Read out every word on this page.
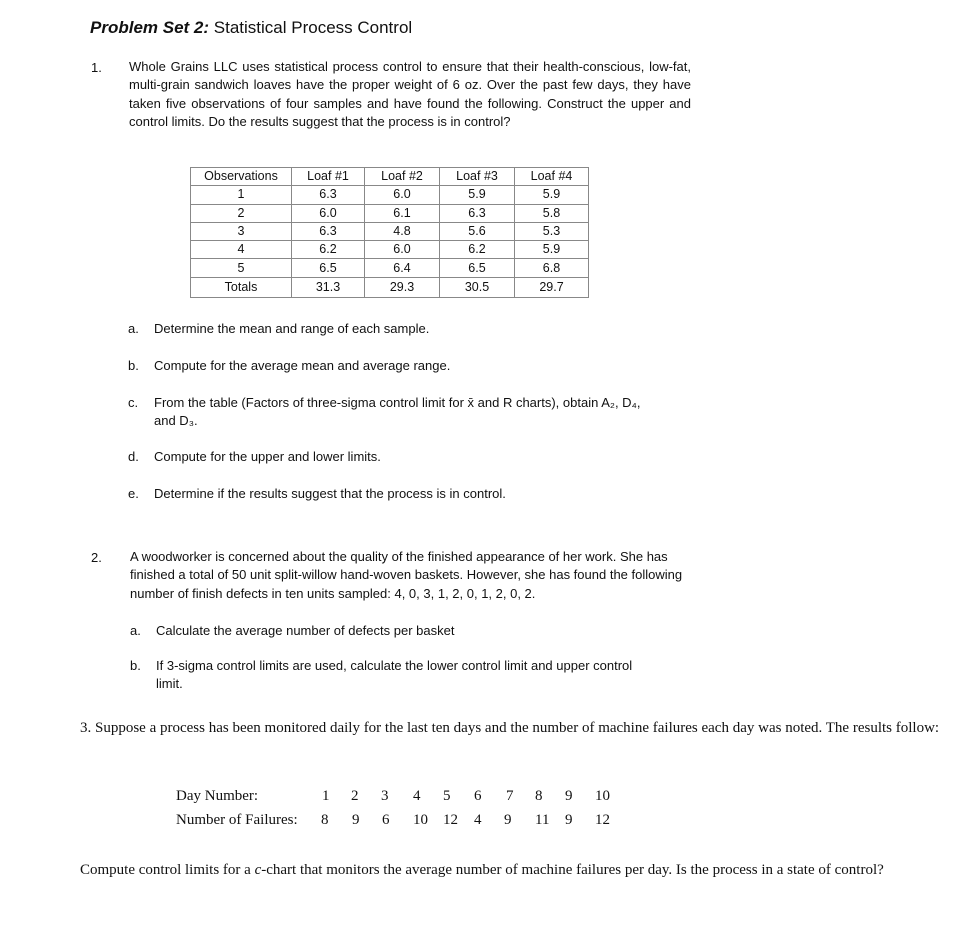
Problem Set 2: Statistical Process Control
1. Whole Grains LLC uses statistical process control to ensure that their health-conscious, low-fat, multi-grain sandwich loaves have the proper weight of 6 oz. Over the past few days, they have taken five observations of four samples and have found the following. Construct the upper and control limits. Do the results suggest that the process is in control?
Observations	Loaf #1	Loaf #2	Loaf #3	Loaf #4
1	6.3	6.0	5.9	5.9
2	6.0	6.1	6.3	5.8
3	6.3	4.8	5.6	5.3
4	6.2	6.0	6.2	5.9
5	6.5	6.4	6.5	6.8
Totals	31.3	29.3	30.5	29.7
a. Determine the mean and range of each sample.
b. Compute for the average mean and average range.
c. From the table (Factors of three-sigma control limit for x̄ and R charts), obtain A₂, D₄,
and D₃.
d. Compute for the upper and lower limits.
e. Determine if the results suggest that the process is in control.
2. A woodworker is concerned about the quality of the finished appearance of her work. She has finished a total of 50 unit split-willow hand-woven baskets. However, she has found the following number of finish defects in ten units sampled: 4, 0, 3, 1, 2, 0, 1, 2, 0, 2.
a. Calculate the average number of defects per basket
b. If 3-sigma control limits are used, calculate the lower control limit and upper control
limit.
3. Suppose a process has been monitored daily for the last ten days and the number of machine failures each day was noted. The results follow:
Day Number:	1 2 3 4 5 6 7 8 9 10
Number of Failures: 8 9 6 10 12 4 9 11 9 12
Compute control limits for a c-chart that monitors the average number of machine failures per day. Is the process in a state of control?
